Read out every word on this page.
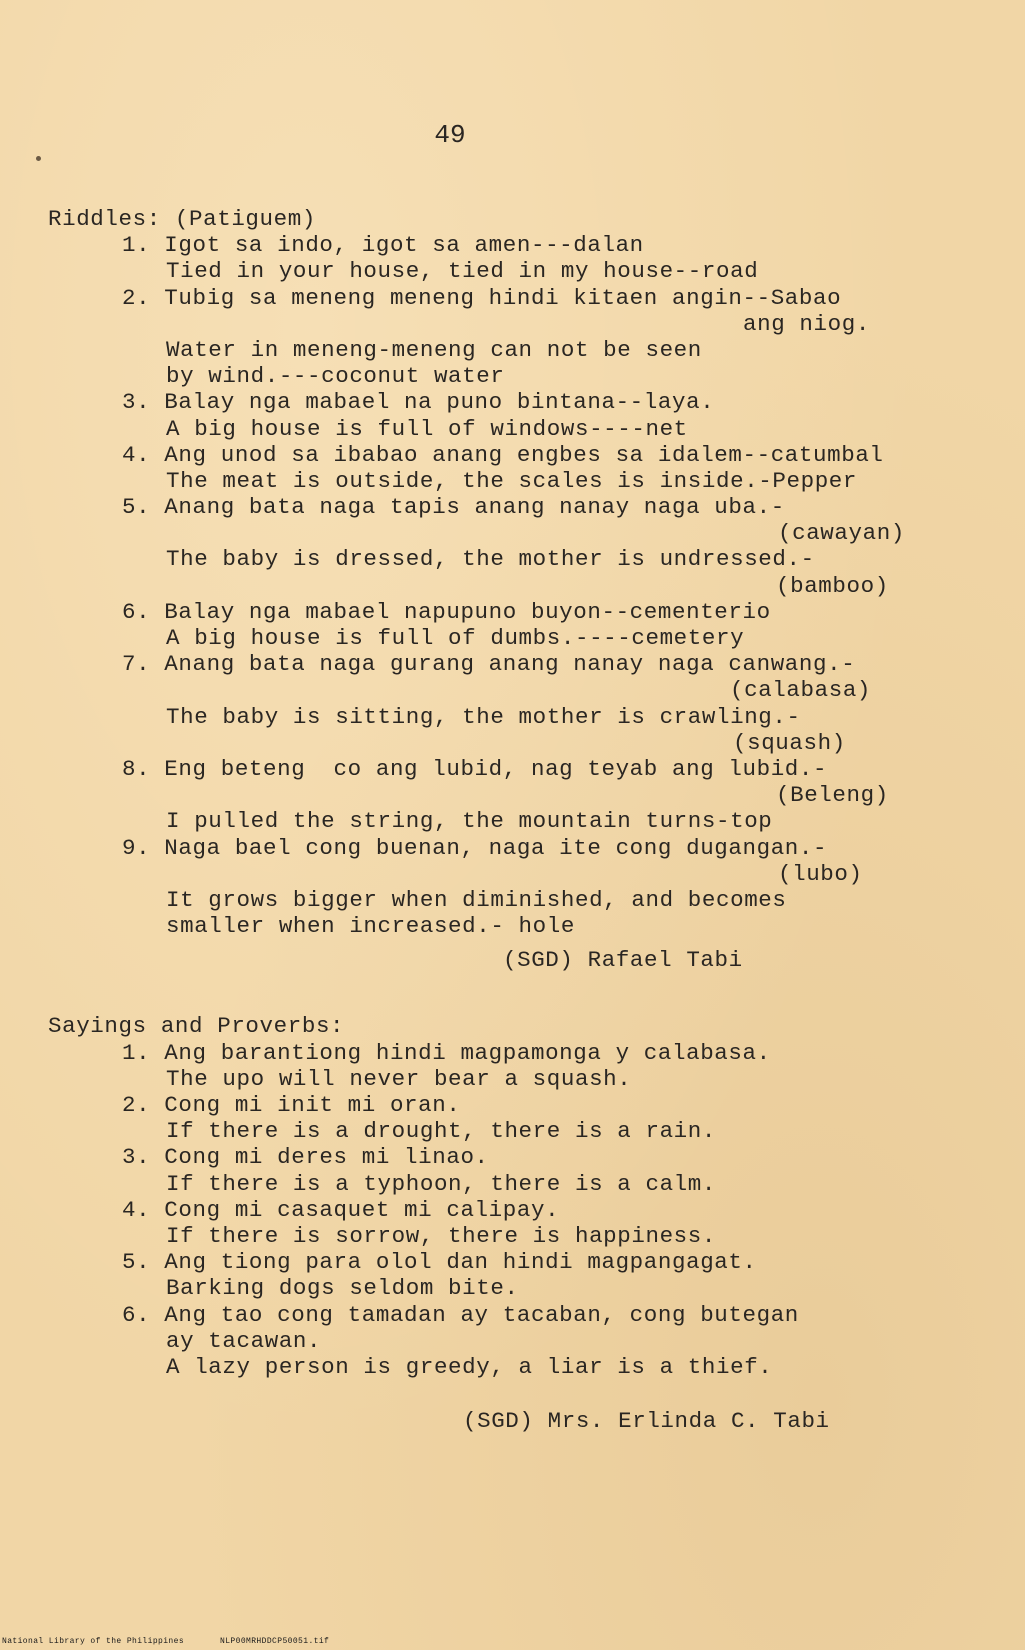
49
Riddles: (Patiguem)
1. Igot sa indo, igot sa amen---dalan
Tied in your house, tied in my house--road
2. Tubig sa meneng meneng hindi kitaen angin--Sabao
ang niog.
Water in meneng-meneng can not be seen
by wind.---coconut water
3. Balay nga mabael na puno bintana--laya.
A big house is full of windows----net
4. Ang unod sa ibabao anang engbes sa idalem--catumbal
The meat is outside, the scales is inside.-Pepper
5. Anang bata naga tapis anang nanay naga uba.-
(cawayan)
The baby is dressed, the mother is undressed.-
(bamboo)
6. Balay nga mabael napupuno buyon--cementerio
A big house is full of dumbs.----cemetery
7. Anang bata naga gurang anang nanay naga canwang.-
(calabasa)
The baby is sitting, the mother is crawling.-
(squash)
8. Eng beteng  co ang lubid, nag teyab ang lubid.-
(Beleng)
I pulled the string, the mountain turns-top
9. Naga bael cong buenan, naga ite cong dugangan.-
(lubo)
It grows bigger when diminished, and becomes
smaller when increased.- hole
(SGD) Rafael Tabi
Sayings and Proverbs:
1. Ang barantiong hindi magpamonga y calabasa.
The upo will never bear a squash.
2. Cong mi init mi oran.
If there is a drought, there is a rain.
3. Cong mi deres mi linao.
If there is a typhoon, there is a calm.
4. Cong mi casaquet mi calipay.
If there is sorrow, there is happiness.
5. Ang tiong para olol dan hindi magpangagat.
Barking dogs seldom bite.
6. Ang tao cong tamadan ay tacaban, cong butegan
ay tacawan.
A lazy person is greedy, a liar is a thief.
(SGD) Mrs. Erlinda C. Tabi
National Library of the Philippines	NLP00MRHDDCP50051.tif
